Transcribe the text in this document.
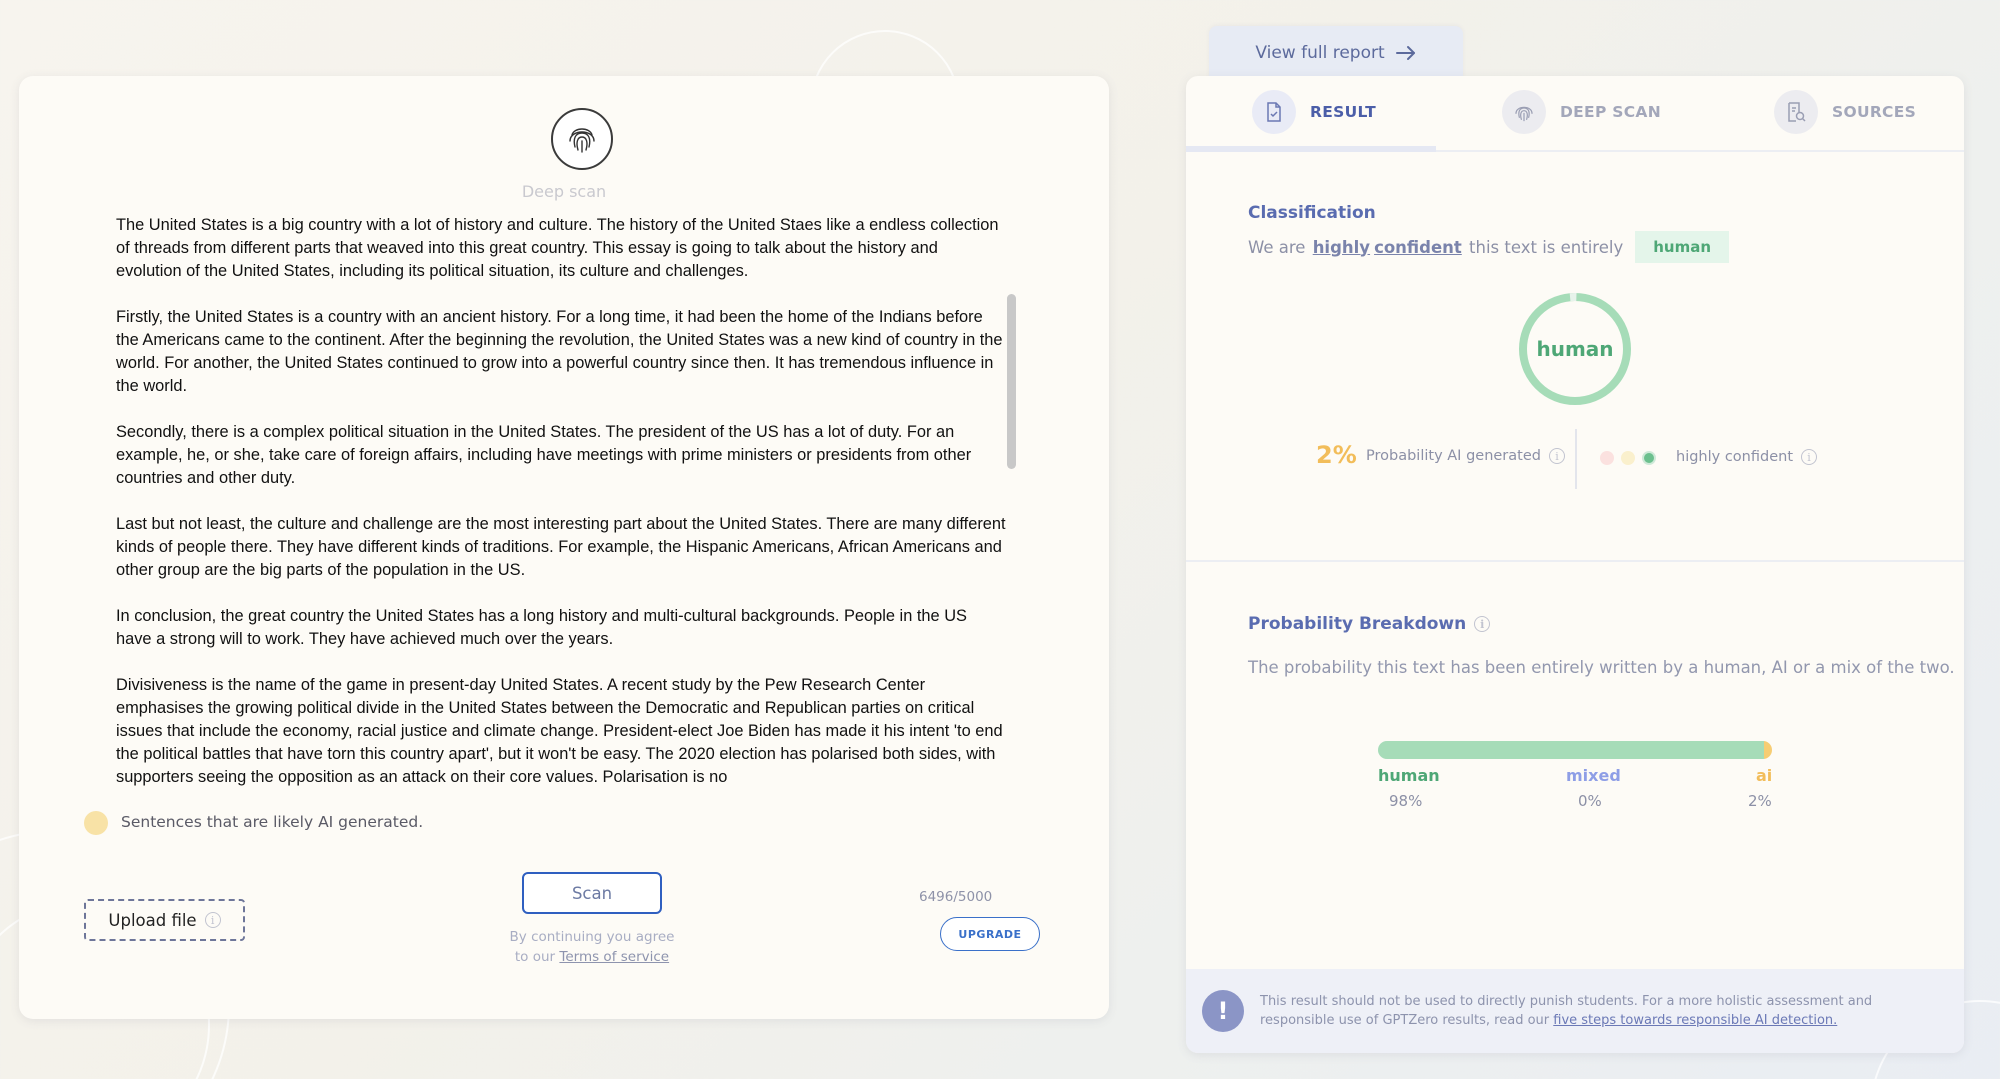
Deep scan

The United States is a big country with a lot of history and culture. The history of the United Staes like a endless collection of threads from different parts that weaved into this great country. This essay is going to talk about the history and evolution of the United States, including its political situation, its culture and challenges.

Firstly, the United States is a country with an ancient history. For a long time, it had been the home of the Indians before the Americans came to the continent. After the beginning the revolution, the United States was a new kind of country in the world. For another, the United States continued to grow into a powerful country since then. It has tremendous influence in the world.

Secondly, there is a complex political situation in the United States. The president of the US has a lot of duty. For an example, he, or she, take care of foreign affairs, including have meetings with prime ministers or presidents from other countries and other duty.

Last but not least, the culture and challenge are the most interesting part about the United States. There are many different kinds of people there. They have different kinds of traditions. For example, the Hispanic Americans, African Americans and other group are the big parts of the population in the US.

In conclusion, the great country the United States has a long history and multi-cultural backgrounds. People in the US have a strong will to work. They have achieved much over the years.

Divisiveness is the name of the game in present-day United States. A recent study by the Pew Research Center emphasises the growing political divide in the United States between the Democratic and Republican parties on critical issues that include the economy, racial justice and climate change. President-elect Joe Biden has made it his intent 'to end the political battles that have torn this country apart', but it won't be easy. The 2020 election has polarised both sides, with supporters seeing the opposition as an attack on their core values. Polarisation is no

Sentences that are likely AI generated.
Upload file	i
Scan
By continuing you agree
to our Terms of service
6496/5000
UPGRADE
View full report
RESULT	DEEP SCAN	SOURCES
Classification
We are
highly confident
this text is entirely	human
human
2% Probability AI generated	i	highly confident	i
Probability Breakdown	i
The probability this text has been entirely written by a human, AI or a mix of the two.
human
98%
mixed
0%
ai
2%
!	This result should not be used to directly punish students. For a more holistic assessment and responsible use of GPTZero results, read our five steps towards responsible AI detection.
